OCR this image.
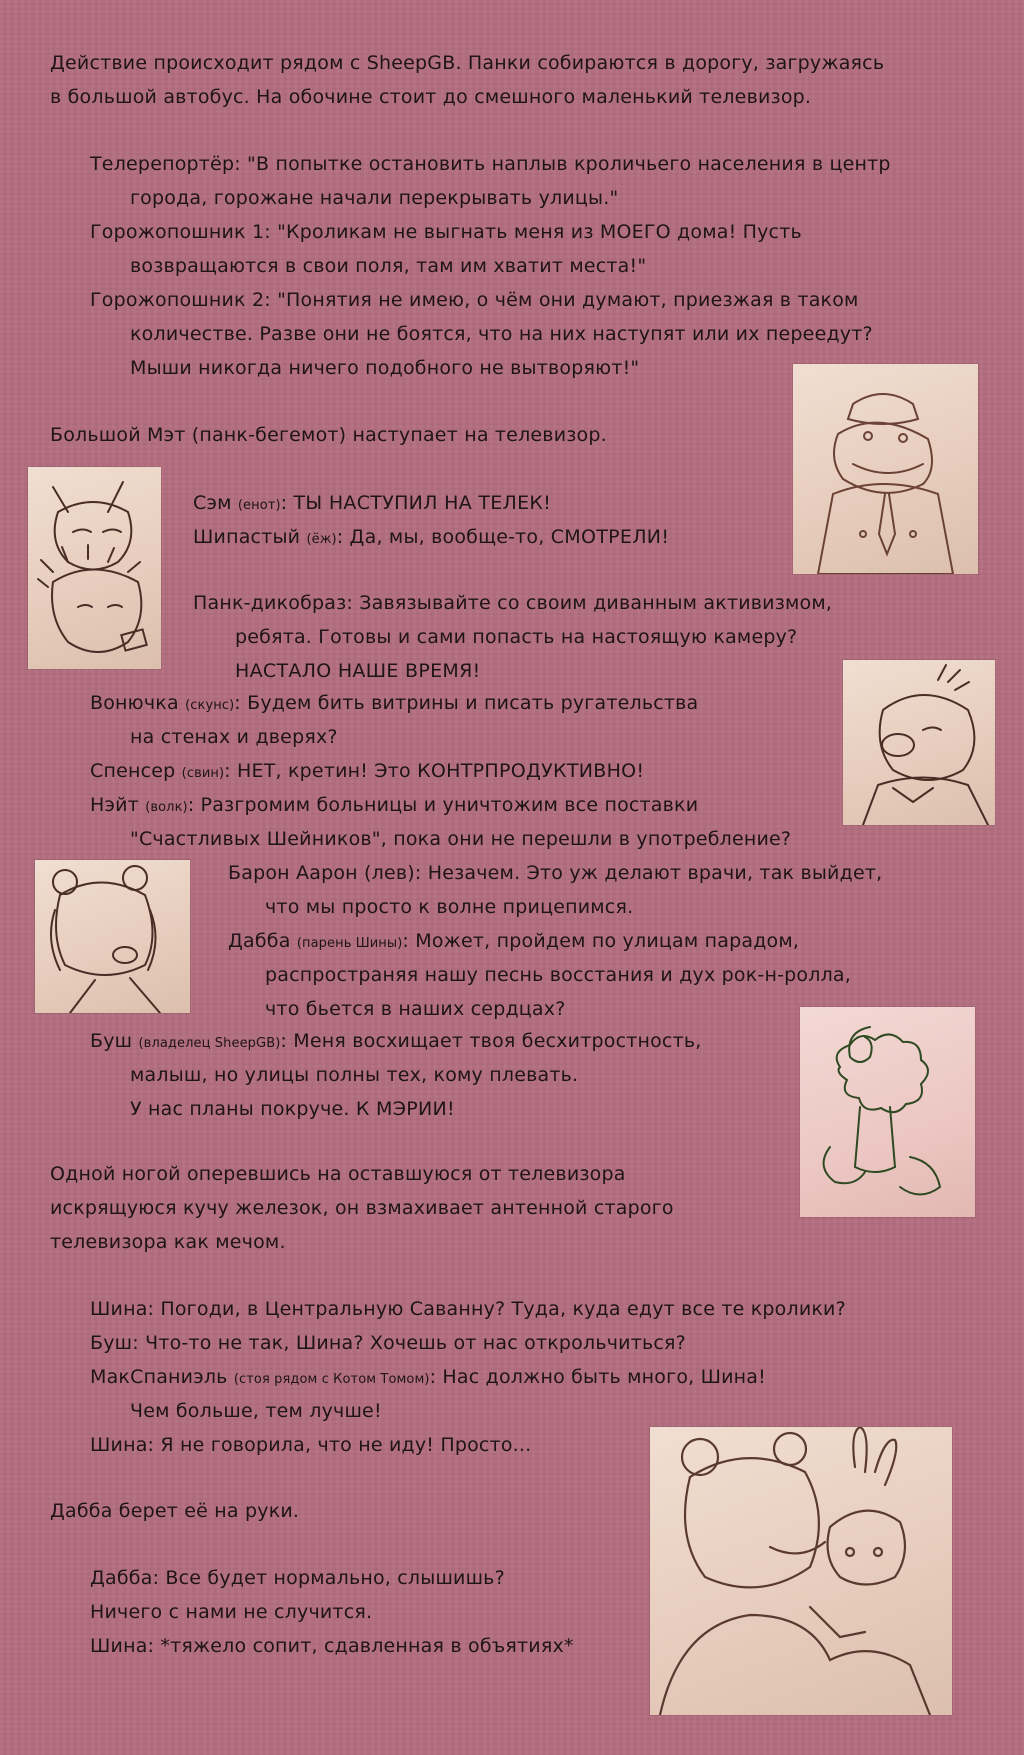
Действие происходит рядом с SheepGB. Панки собираются в дорогу, загружаясь

в большой автобус. На обочине стоит до смешного маленький телевизор.

Телерепортёр: "В попытке остановить наплыв кроличьего населения в центр

города, горожане начали перекрывать улицы."

Горожопошник 1: "Кроликам не выгнать меня из МОЕГО дома! Пусть

возвращаются в свои поля, там им хватит места!"

Горожопошник 2: "Понятия не имею, о чём они думают, приезжая в таком

количестве. Разве они не боятся, что на них наступят или их переедут?

Мыши никогда ничего подобного не вытворяют!"

Большой Мэт (панк-бегемот) наступает на телевизор.

Сэм (енот): ТЫ НАСТУПИЛ НА ТЕЛЕК!

Шипастый (ёж): Да, мы, вообще-то, СМОТРЕЛИ!

Панк-дикобраз: Завязывайте со своим диванным активизмом,

ребята. Готовы и сами попасть на настоящую камеру?

НАСТАЛО НАШЕ ВРЕМЯ!

Вонючка (скунс): Будем бить витрины и писать ругательства

на стенах и дверях?

Спенсер (свин): НЕТ, кретин! Это КОНТРПРОДУКТИВНО!

Нэйт (волк): Разгромим больницы и уничтожим все поставки

"Счастливых Шейников", пока они не перешли в употребление?

Барон Аарон (лев): Незачем. Это уж делают врачи, так выйдет,

что мы просто к волне прицепимся.

Дабба (парень Шины): Может, пройдем по улицам парадом,

распространяя нашу песнь восстания и дух рок-н-ролла,

что бьется в наших сердцах?

Буш (владелец SheepGB): Меня восхищает твоя бесхитростность,

малыш, но улицы полны тех, кому плевать.

У нас планы покруче. К МЭРИИ!

Одной ногой оперевшись на оставшуюся от телевизора

искрящуюся кучу железок, он взмахивает антенной старого

телевизора как мечом.

Шина: Погоди, в Центральную Саванну? Туда, куда едут все те кролики?

Буш: Что-то не так, Шина? Хочешь от нас открольчиться?

МакСпаниэль (стоя рядом с Котом Томом): Нас должно быть много, Шина!

Чем больше, тем лучше!

Шина: Я не говорила, что не иду! Просто...

Дабба берет её на руки.

Дабба: Все будет нормально, слышишь?

Ничего с нами не случится.

Шина: *тяжело сопит, сдавленная в объятиях*
